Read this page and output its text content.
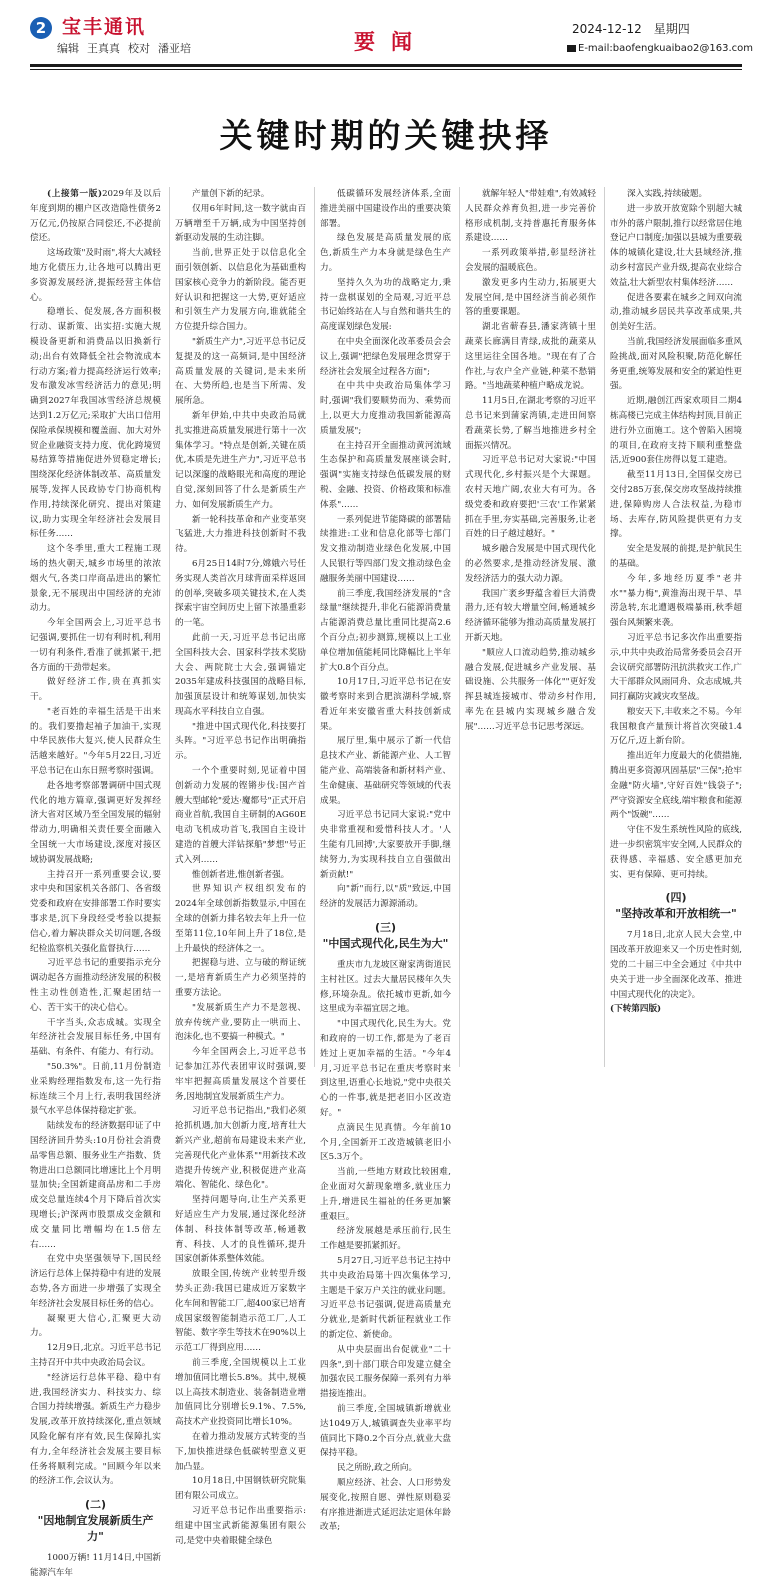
2 宝丰通讯
编辑 王真真 校对 潘亚培	要闻
2024-12-12 星期四
E-mail:baofengkuaibao2@163.com
关键时期的关键抉择

(上接第一版)2029年及以后年度到期的棚户区改造隐性债务2万亿元,仍按原合同偿还,不必提前偿还。

这场政策"及时雨",将大大减轻地方化债压力,让各地可以腾出更多资源发展经济,提振经营主体信心。

稳增长、促发展,各方面积极行动、谋新策、出实招:实施大规模设备更新和消费品以旧换新行动;出台有效降低全社会物流成本行动方案;着力提高经济运行效率;发布激发冰雪经济活力的意见;明确到2027年我国冰雪经济总规模达到1.2万亿元;采取扩大出口信用保险承保规模和覆盖面、加大对外贸企业融资支持力度、优化跨境贸易结算等措施促进外贸稳定增长;围绕深化经济体制改革、高质量发展等,发挥人民政协专门协商机构作用,持续深化研究、提出对策建议,助力实现全年经济社会发展目标任务……

这个冬季里,重大工程施工现场的热火朝天,城乡市场里的浓浓烟火气,各类口岸商品进出的繁忙景象,无不展现出中国经济的充沛动力。

今年全国两会上,习近平总书记强调,要抓住一切有利时机,利用一切有利条件,看准了就抓紧干,把各方面的干劲带起来。

做好经济工作,贵在真抓实干。

"老百姓的幸福生活是干出来的。我们要撸起袖子加油干,实现中华民族伟大复兴,使人民群众生活越来越好。"今年5月22日,习近平总书记在山东日照考察时强调。

赴各地考察部署调研中国式现代化的地方篇章,强调更好发挥经济大省对区域乃至全国发展的辐射带动力,明确相关责任要全面融入全国统一大市场建设,深度对接区域协调发展战略;

主持召开一系列重要会议,要求中央和国家机关各部门、各省级党委和政府在安排部署工作时要实事求是,沉下身段经受考验以提振信心,着力解决群众关切问题,各级纪检监察机关强化监督执行……

习近平总书记的重要指示充分调动起各方面推动经济发展的积极性主动性创造性,汇聚起团结一心、苦干实干的决心信心。

干字当头,众志成城。实现全年经济社会发展目标任务,中国有基础、有条件、有能力、有行动。

"50.3%"。日前,11月份制造业采购经理指数发布,这一先行指标连续三个月上行,表明我国经济景气水平总体保持稳定扩张。

陆续发布的经济数据印证了中国经济回升势头:10月份社会消费品零售总额、服务业生产指数、货物进出口总额同比增速比上个月明显加快;全国新建商品房和二手房成交总量连续4个月下降后首次实现增长;沪深两市股票成交金额和成交量同比增幅均在1.5倍左右……

在党中央坚强领导下,国民经济运行总体上保持稳中有进的发展态势,各方面进一步增强了实现全年经济社会发展目标任务的信心。

凝聚更大信心,汇聚更大动力。

12月9日,北京。习近平总书记主持召开中共中央政治局会议。

"经济运行总体平稳、稳中有进,我国经济实力、科技实力、综合国力持续增强。新质生产力稳步发展,改革开放持续深化,重点领域风险化解有序有效,民生保障扎实有力,全年经济社会发展主要目标任务将顺利完成。"回顾今年以来的经济工作,会议认为。

(二)

"因地制宜发展新质生产力"

1000万辆! 11月14日,中国新能源汽车年

产量创下新的纪录。

仅用6年时间,这一数字就由百万辆增至千万辆,成为中国坚持创新驱动发展的生动注脚。

当前,世界正处于以信息化全面引领创新、以信息化为基础重构国家核心竞争力的新阶段。能否更好认识和把握这一大势,更好适应和引领生产力发展方向,谁就能全方位提升综合国力。

"新质生产力",习近平总书记反复提及的这一高频词,是中国经济高质量发展的关键词,是未来所在、大势所趋,也是当下所需、发展所急。

新年伊始,中共中央政治局就扎实推进高质量发展进行第十一次集体学习。"特点是创新,关键在质优,本质是先进生产力",习近平总书记以深邃的战略眼光和高度的理论自觉,深刻回答了什么是新质生产力、如何发展新质生产力。

新一轮科技革命和产业变革突飞猛进,大力推进科技创新时不我待。

6月25日14时7分,嫦娥六号任务实现人类首次月球背面采样返回的创举,突破多项关键技术,在人类探索宇宙空间历史上留下浓墨重彩的一笔。

此前一天,习近平总书记出席全国科技大会、国家科学技术奖励大会、两院院士大会,强调锚定2035年建成科技强国的战略目标,加强顶层设计和统筹谋划,加快实现高水平科技自立自强。

"推进中国式现代化,科技要打头阵。"习近平总书记作出明确指示。

一个个重要时刻,见证着中国创新动力发展的铿锵步伐:国产首艘大型邮轮"爱达·魔都号"正式开启商业首航,我国自主研制的AG60E电动飞机成功首飞,我国自主设计建造的首艘大洋钻探船"梦想"号正式入列……

惟创新者进,惟创新者强。

世界知识产权组织发布的2024年全球创新指数显示,中国在全球的创新力排名较去年上升一位至第11位,10年间上升了18位,是上升最快的经济体之一。

把握稳与进、立与破的辩证统一,是培育新质生产力必须坚持的重要方法论。

"发展新质生产力不是忽视、放弃传统产业,要防止一哄而上、泡沫化,也不要搞一种模式。"

今年全国两会上,习近平总书记参加江苏代表团审议时强调,要牢牢把握高质量发展这个首要任务,因地制宜发展新质生产力。

习近平总书记指出,"我们必须抢抓机遇,加大创新力度,培育壮大新兴产业,超前布局建设未来产业,完善现代化产业体系""用新技术改造提升传统产业,积极促进产业高端化、智能化、绿色化"。

坚持问题导向,让生产关系更好适应生产力发展,通过深化经济体制、科技体制等改革,畅通教育、科技、人才的良性循环,提升国家创新体系整体效能。

放眼全国,传统产业转型升级势头正劲:我国已建成近万家数字化车间和智能工厂,超400家已培育成国家级智能制造示范工厂,人工智能、数字孪生等技术在90%以上示范工厂得到应用……

前三季度,全国规模以上工业增加值同比增长5.8%。其中,规模以上高技术制造业、装备制造业增加值同比分别增长9.1%、7.5%,高技术产业投资同比增长10%。

在着力推动发展方式转变的当下,加快推进绿色低碳转型意义更加凸显。

10月18日,中国钢铁研究院集团有限公司成立。

习近平总书记作出重要指示:组建中国宝武新能源集团有限公司,是党中央着眼健全绿色

低碳循环发展经济体系,全面推进美丽中国建设作出的重要决策部署。

绿色发展是高质量发展的底色,新质生产力本身就是绿色生产力。

坚持久久为功的战略定力,秉持一盘棋谋划的全局观,习近平总书记始终站在人与自然和谐共生的高度谋划绿色发展:

在中央全面深化改革委员会会议上,强调"把绿色发展理念贯穿于经济社会发展全过程各方面";

在中共中央政治局集体学习时,强调"我们要顺势而为、乘势而上,以更大力度推动我国新能源高质量发展";

在主持召开全面推动黄河流域生态保护和高质量发展座谈会时,强调"实施支持绿色低碳发展的财税、金融、投资、价格政策和标准体系"……

一系列促进节能降碳的部署陆续推进:工业和信息化部等七部门发文推动制造业绿色化发展,中国人民银行等四部门发文推动绿色金融服务美丽中国建设……

前三季度,我国经济发展的"含绿量"继续提升,非化石能源消费量占能源消费总量比重同比提高2.6个百分点;初步测算,规模以上工业单位增加值能耗同比降幅比上半年扩大0.8个百分点。

10月17日,习近平总书记在安徽考察时来到合肥滨湖科学城,察看近年来安徽省重大科技创新成果。

展厅里,集中展示了新一代信息技术产业、新能源产业、人工智能产业、高端装备和新材料产业、生命健康、基础研究等领域的代表成果。

习近平总书记同大家说:"党中央非常重视和爱惜科技人才。'人生能有几回搏',大家要放开手脚,继续努力,为实现科技自立自强做出新贡献!"

向"新"而行,以"质"致远,中国经济的发展活力源源涌动。

(三)

"中国式现代化,民生为大"

重庆市九龙坡区谢家湾街道民主村社区。过去大量居民楼年久失修,环境杂乱。依托城市更新,如今这里成为幸福宜居之地。

"中国式现代化,民生为大。党和政府的一切工作,都是为了老百姓过上更加幸福的生活。"今年4月,习近平总书记在重庆考察时来到这里,语重心长地说,"党中央很关心的一件事,就是把老旧小区改造好。"

点滴民生见真情。今年前10个月,全国新开工改造城镇老旧小区5.3万个。

当前,一些地方财政比较困难,企业面对欠薪现象增多,就业压力上升,增进民生福祉的任务更加繁重艰巨。

经济发展越是承压前行,民生工作越是要抓紧抓好。

5月27日,习近平总书记主持中共中央政治局第十四次集体学习,主题是千家万户关注的就业问题。习近平总书记强调,促进高质量充分就业,是新时代新征程就业工作的新定位、新使命。

从中央层面出台促就业"二十四条",到十部门联合印发建立健全加强农民工服务保障一系列有力举措接连推出。

前三季度,全国城镇新增就业达1049万人,城镇调查失业率平均值同比下降0.2个百分点,就业大盘保持平稳。

民之所盼,政之所向。

顺应经济、社会、人口形势发展变化,按照自愿、弹性原则稳妥有序推进渐进式延迟法定退休年龄改革;

就解年轻人"带娃难",有效减轻人民群众养育负担,进一步完善价格形成机制,支持普惠托育服务体系建设……

一系列政策举措,彰显经济社会发展的温暖底色。

激发更多内生动力,拓展更大发展空间,是中国经济当前必须作答的重要课题。

湖北省蕲春县,潘家湾镇十里蔬菜长廊满目青绿,成批的蔬菜从这里运往全国各地。"现在有了合作社,与农户全产业链,种菜不愁销路。"当地蔬菜种植户略成龙说。

11月5日,在湖北考察的习近平总书记来到蒲家湾镇,走进田间察看蔬菜长势,了解当地推进乡村全面振兴情况。

习近平总书记对大家说:"中国式现代化,乡村振兴是个大课题。农村天地广阔,农业大有可为。各级党委和政府要把'三农'工作紧紧抓在手里,夯实基础,完善服务,让老百姓的日子越过越好。"

城乡融合发展是中国式现代化的必然要求,是推动经济发展、激发经济活力的强大动力源。

我国广袤乡野蕴含着巨大消费潜力,还有较大增量空间,畅通城乡经济循环能够为推动高质量发展打开新天地。

"顺应人口流动趋势,推动城乡融合发展,促进城乡产业发展、基础设施、公共服务一体化""更好发挥县城连接城市、带动乡村作用,率先在县城内实现城乡融合发展"……习近平总书记思考深远。

深入实践,持续破题。

进一步放开放宽除个别超大城市外的落户限制,推行以经常居住地登记户口制度;加强以县城为重要载体的城镇化建设,壮大县域经济,推动乡村富民产业升级,提高农业综合效益,壮大新型农村集体经济……

促进各要素在城乡之间双向流动,推动城乡居民共享改革成果,共创美好生活。

当前,我国经济发展面临多重风险挑战,面对风险积聚,防范化解任务更重,统筹发展和安全的紧迫性更强。

近期,融创江西家欢项目二期4栋高楼已完成主体结构封顶,目前正进行外立面施工。这个曾陷入困境的项目,在政府支持下顺利重整盘活,近900套住房得以复工建造。

截至11月13日,全国保交房已交付285万套,保交房攻坚战持续推进,保障购房人合法权益,为稳市场、去库存,防风险提供更有力支撑。

安全是发展的前提,是护航民生的基础。

今年,多地经历夏季"老井水""暴力梅",黄淮海出现干旱、旱涝急转,东北遭遇极端暴雨,秋季超强台风频繁来袭。

习近平总书记多次作出重要指示,中共中央政治局常务委员会召开会议研究部署防汛抗洪救灾工作,广大干部群众风雨同舟、众志成城,共同打赢防灾减灾攻坚战。

粮安天下,丰收来之不易。今年我国粮食产量预计将首次突破1.4万亿斤,迈上新台阶。

推出近年力度最大的化债措施,腾出更多资源巩固基层"三保";抢牢金融"防火墙",守好百姓"钱袋子";严守资源安全底线,端牢粮食和能源两个"饭碗"……

守住不发生系统性风险的底线,进一步织密筑牢安全网,人民群众的获得感、幸福感、安全感更加充实、更有保障、更可持续。

(四)

"坚持改革和开放相统一"

7月18日,北京人民大会堂,中国改革开放迎来又一个历史性时刻,党的二十届三中全会通过《中共中央关于进一步全面深化改革、推进中国式现代化的决定》。

(下转第四版)
